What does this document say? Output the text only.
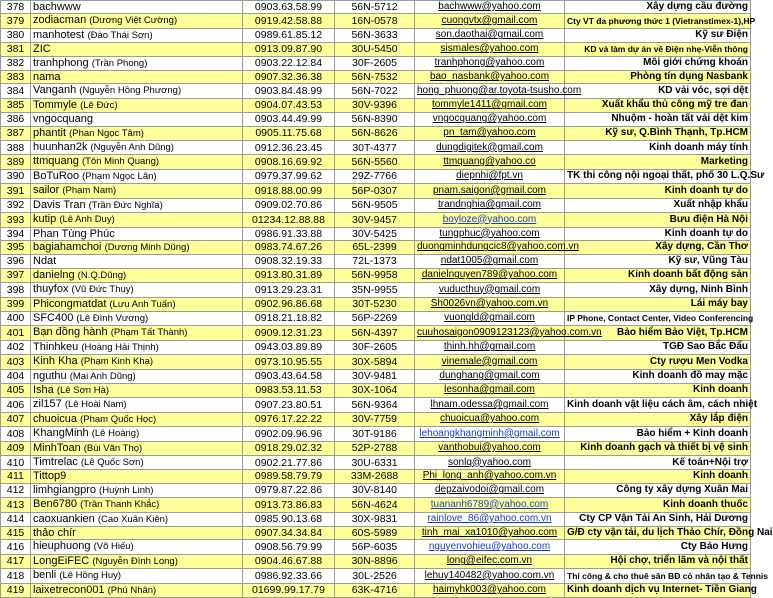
378	bachwww	0903.63.58.99	56N-5712	bachwww@yahoo.com	Xây dựng cầu đường
379	zodiacman (Dương Việt Cường)	0919.42.58.88	16N-0578	cuongvtx@gmail.com	Cty VT đa phương thức 1 (Vietranstimex-1),HP
380	manhotest (Đào Thái Sơn)	0989.61.85.12	56N-3633	son.daothai@gmail.com	Kỹ sư Điện
381	ZIC	0913.09.87.90	30U-5450	sismales@yahoo.com	KD và làm dự án về Điện nhẹ-Viễn thông
382	tranhphong (Trần Phong)	0903.22.12.84	30F-2605	tranhphong@yahoo.com	Môi giới chứng khoán
383	nama	0907.32.36.38	56N-7532	bao_nasbank@yahoo.com	Phòng tín dụng Nasbank
384	Vanganh (Nguyễn Hồng Phương)	0903.84.48.99	56N-7022	hong_phuong@ar.toyota-tsusho.com	KD vải vóc, sợi dệt
385	Tommyle (Lê Đức)	0904.07.43.53	30V-9396	tommyle1411@gmail.com	Xuất khẩu thủ công mỹ tre đan
386	vngocquang	0903.44.49.99	56N-8390	vngocquang@yahoo.com	Nhuộm - hoàn tất vải dệt kim
387	phantit (Phan Ngọc Tâm)	0905.11.75.68	56N-8626	pn_tam@yahoo.com	Kỹ sư, Q.Bình Thạnh, Tp.HCM
388	huunhan2k (Nguyễn Anh Dũng)	0912.36.23.45	30T-4377	dungdigitek@gmail.com	Kinh doanh máy tính
389	ttmquang (Tôn Minh Quang)	0908.16.69.92	56N-5560	ttmquang@yahoo.co	Marketing
390	BoTuRoo (Phạm Ngọc Lân)	0979.37.99.62	29Z-7766	diepnhi@fpt.vn	TK thi công nội ngoại thất, phố 30 L.Q.Sư
391	sailor (Phạm Nam)	0918.88.00.99	56P-0307	pnam.saigon@gmail.com	Kinh doanh tự do
392	Davis Tran (Trần Đức Nghĩa)	0909.02.70.86	56N-9505	trandnghia@gmail.com	Xuất nhập khẩu
393	kutip (Lê Anh Duy)	01234.12.88.88	30V-9457	boyloze@yahoo.com	Bưu điện Hà Nội
394	Phan Tùng Phúc	0986.91.33.88	30V-5425	tungphuc@yahoo.com	Kinh doanh tự do
395	bagiahamchoi (Dương Minh Dũng)	0983.74.67.26	65L-2399	duongminhdungcic8@yahoo.com.vn	Xây dựng, Cần Thơ
396	Ndat	0908.32.19.33	72L-1373	ndat1005@gmail.com	Kỹ sư, Vũng Tàu
397	danielng (N.Q.Dũng)	0913.80.31.89	56N-9958	danielnguyen789@yahoo.com	Kinh doanh bất động sản
398	thuyfox (Vũ Đức Thụy)	0913.29.23.31	35N-9955	vuducthuy@gmail.com	Xây dựng, Ninh Bình
399	Phicongmatdat (Lưu Anh Tuấn)	0902.96.86.68	30T-5230	Sh0026vn@yahoo.com.vn	Lái máy bay
400	SFC400 (Lê Đình Vương)	0918.21.18.82	56P-2269	vuongld@gmail.com	IP Phone, Contact Center, Video Conferencing
401	Bạn đồng hành (Phạm Tất Thành)	0909.12.31.23	56N-4397	cuuhosaigon0909123123@yahoo.com.vn	Bảo hiểm Bảo Việt, Tp.HCM
402	Thinhkeu (Hoàng Hải Thịnh)	0943.03.89.89	30F-2605	thinh.hh@gmail.com	TGĐ Sao Bắc Đẩu
403	Kinh Kha (Phạm Kinh Kha)	0973.10.95.55	30X-5894	vinemale@gmail.com	Cty rượu Men Vodka
404	nguthu (Mai Anh Dũng)	0903.43.64.58	30V-9481	dunghang@gmail.com	Kinh doanh đồ may mặc
405	Isha (Lê Sơn Hà)	0983.53.11.53	30X-1064	lesonha@gmail.com	Kinh doanh
406	zil157 (Lê Hoài Nam)	0907.23.80.51	56N-9364	lhnam.odessa@gmail.com	Kinh doanh vật liệu cách âm, cách nhiệt
407	chuoicua (Phạm Quốc Học)	0976.17.22.22	30V-7759	chuoicua@yahoo.com	Xây lắp điện
408	KhangMinh (Lê Hoàng)	0902.09.96.96	30T-9186	lehoangkhangminh@gmail.com	Bảo hiểm + Kinh doanh
409	MinhToan (Bùi Văn Thọ)	0918.29.02.32	52P-2788	vanthobui@yahoo.com	Kinh doanh gạch và thiết bị vệ sinh
410	Timtrelac (Lê Quốc Sơn)	0902.21.77.86	30U-6331	sonlq@yahoo.com	Kế toán+Nội trợ
411	Tittop9	0989.58.79.79	33M-2688	Phi_long_anh@yahoo.com.vn	Kinh doanh
412	limhgiangpro (Huỳnh Linh)	0979.87.22.86	30V-8140	depzaivodoi@gmail.com	Công ty xây dựng Xuân Mai
413	Ben6780 (Trần Thanh Khắc)	0913.73.86.83	56N-4624	tuananh6789@yahoo.com	Kinh doanh thuốc
414	caoxuankien (Cao Xuân Kiên)	0985.90.13.68	30X-9831	rainlove_86@yahoo.com.vn	Cty CP Vận Tải An Sinh, Hải Dương
415	thảo chír	0907.34.34.84	60S-5989	tinh_mai_xa1010@yahoo.com	G/Đ cty vận tải, du lịch Thảo Chír, Đồng Nai
416	hieuphuong (Võ Hiếu)	0908.56.79.99	56P-6035	nguyenvohieu@yahoo.com	Cty Bảo Hưng
417	LongEiFEC (Nguyễn Đình Long)	0904.46.67.88	30N-8896	long@eifec.com.vn	Hội chợ, triển lãm và nội thất
418	benli (Lê Hồng Huy)	0986.92.33.66	30L-2526	lehuy140482@yahoo.com.vn	Thi công & cho thuê sân BĐ cỏ nhân tạo & Tennis
419	laixetrecon001 (Phú Nhân)	01699.99.17.79	63K-4716	haimyhk003@yahoo.com	Kinh doanh dịch vụ Internet- Tiền Giang
